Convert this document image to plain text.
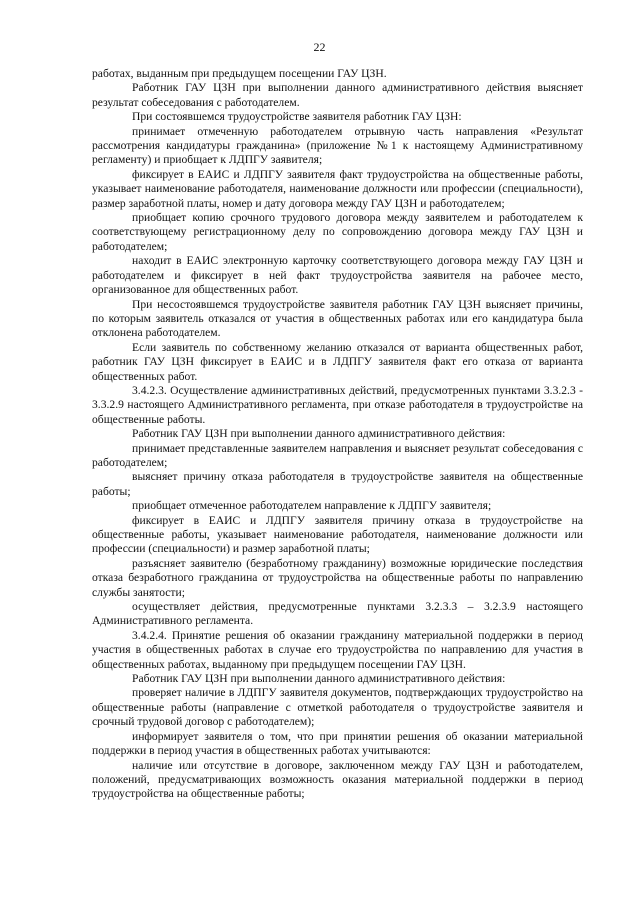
22

работах, выданным при предыдущем посещении ГАУ ЦЗН.

Работник ГАУ ЦЗН при выполнении данного административного действия выясняет результат собеседования с работодателем.

При состоявшемся трудоустройстве заявителя работник ГАУ ЦЗН:

принимает отмеченную работодателем отрывную часть направления «Результат рассмотрения кандидатуры гражданина» (приложение №1 к настоящему Административному регламенту) и приобщает к ЛДПГУ заявителя;

фиксирует в ЕАИС и ЛДПГУ заявителя факт трудоустройства на общественные работы, указывает наименование работодателя, наименование должности или профессии (специальности), размер заработной платы, номер и дату договора между ГАУ ЦЗН и работодателем;

приобщает копию срочного трудового договора между заявителем и работодателем к соответствующему регистрационному делу по сопровождению договора между ГАУ ЦЗН и работодателем;

находит в ЕАИС электронную карточку соответствующего договора между ГАУ ЦЗН и работодателем и фиксирует в ней факт трудоустройства заявителя на рабочее место, организованное для общественных работ.

При несостоявшемся трудоустройстве заявителя работник ГАУ ЦЗН выясняет причины, по которым заявитель отказался от участия в общественных работах или его кандидатура была отклонена работодателем.

Если заявитель по собственному желанию отказался от варианта общественных работ, работник ГАУ ЦЗН фиксирует в ЕАИС и в ЛДПГУ заявителя факт его отказа от варианта общественных работ.

3.4.2.3. Осуществление административных действий, предусмотренных пунктами 3.3.2.3 - 3.3.2.9 настоящего Административного регламента, при отказе работодателя в трудоустройстве на общественные работы.

Работник ГАУ ЦЗН при выполнении данного административного действия:

принимает представленные заявителем направления и выясняет результат собеседования с работодателем;

выясняет причину отказа работодателя в трудоустройстве заявителя на общественные работы;

приобщает отмеченное работодателем направление к ЛДПГУ заявителя;

фиксирует в ЕАИС и ЛДПГУ заявителя причину отказа в трудоустройстве на общественные работы, указывает наименование работодателя, наименование должности или профессии (специальности) и размер заработной платы;

разъясняет заявителю (безработному гражданину) возможные юридические последствия отказа безработного гражданина от трудоустройства на общественные работы по направлению службы занятости;

осуществляет действия, предусмотренные пунктами 3.2.3.3 – 3.2.3.9 настоящего Административного регламента.

3.4.2.4. Принятие решения об оказании гражданину материальной поддержки в период участия в общественных работах в случае его трудоустройства по направлению для участия в общественных работах, выданному при предыдущем посещении ГАУ ЦЗН.

Работник ГАУ ЦЗН при выполнении данного административного действия:

проверяет наличие в ЛДПГУ заявителя документов, подтверждающих трудоустройство на общественные работы (направление с отметкой работодателя о трудоустройстве заявителя и срочный трудовой договор с работодателем);

информирует заявителя о том, что при принятии решения об оказании материальной поддержки в период участия в общественных работах учитываются:

наличие или отсутствие в договоре, заключенном между ГАУ ЦЗН и работодателем, положений, предусматривающих возможность оказания материальной поддержки в период трудоустройства на общественные работы;
